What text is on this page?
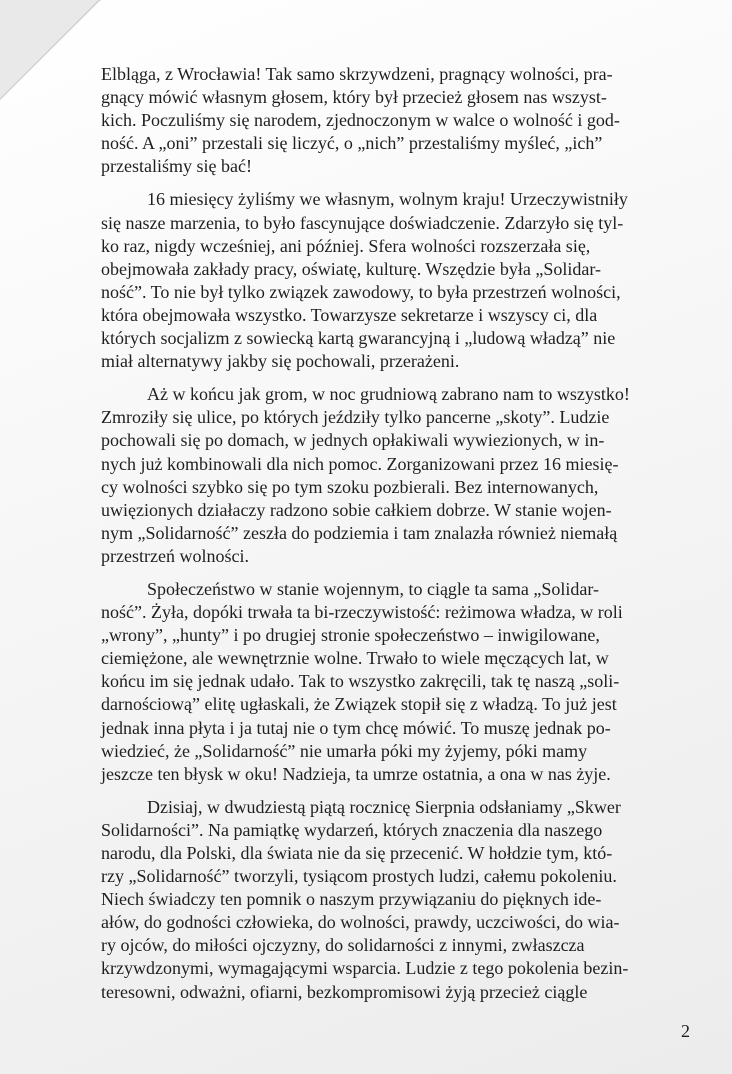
Elbląga, z Wrocławia! Tak samo skrzywdzeni, pragnący wolności, pra-
gnący mówić własnym głosem, który był przecież głosem nas wszyst-
kich. Poczuliśmy się narodem, zjednoczonym w walce o wolność i god-
ność. A „oni” przestali się liczyć, o „nich” przestaliśmy myśleć, „ich”
przestaliśmy się bać!
16 miesięcy żyliśmy we własnym, wolnym kraju! Urzeczywistniły
się nasze marzenia, to było fascynujące doświadczenie. Zdarzyło się tyl-
ko raz, nigdy wcześniej, ani później. Sfera wolności rozszerzała się,
obejmowała zakłady pracy, oświatę, kulturę. Wszędzie była „Solidar-
ność”. To nie był tylko związek zawodowy, to była przestrzeń wolności,
która obejmowała wszystko. Towarzysze sekretarze i wszyscy ci, dla
których socjalizm z sowiecką kartą gwarancyjną i „ludową władzą” nie
miał alternatywy jakby się pochowali, przerażeni.
Aż w końcu jak grom, w noc grudniową zabrano nam to wszystko!
Zmroziły się ulice, po których jeździły tylko pancerne „skoty”. Ludzie
pochowali się po domach, w jednych opłakiwali wywiezionych, w in-
nych już kombinowali dla nich pomoc. Zorganizowani przez 16 miesię-
cy wolności szybko się po tym szoku pozbierali. Bez internowanych,
uwięzionych działaczy radzono sobie całkiem dobrze. W stanie wojen-
nym „Solidarność” zeszła do podziemia i tam znalazła również niemałą
przestrzeń wolności.
Społeczeństwo w stanie wojennym, to ciągle ta sama „Solidar-
ność”. Żyła, dopóki trwała ta bi-rzeczywistość: reżimowa władza, w roli
„wrony”, „hunty” i po drugiej stronie społeczeństwo – inwigilowane,
ciemiężone, ale wewnętrznie wolne. Trwało to wiele męczących lat, w
końcu im się jednak udało. Tak to wszystko zakręcili, tak tę naszą „soli-
darnościową” elitę ugłaskali, że Związek stopił się z władzą. To już jest
jednak inna płyta i ja tutaj nie o tym chcę mówić. To muszę jednak po-
wiedzieć, że „Solidarność” nie umarła póki my żyjemy, póki mamy
jeszcze ten błysk w oku! Nadzieja, ta umrze ostatnia, a ona w nas żyje.
Dzisiaj, w dwudziestą piątą rocznicę Sierpnia odsłaniamy „Skwer
Solidarności”. Na pamiątkę wydarzeń, których znaczenia dla naszego
narodu, dla Polski, dla świata nie da się przecenić. W hołdzie tym, któ-
rzy „Solidarność” tworzyli, tysiącom prostych ludzi, całemu pokoleniu.
Niech świadczy ten pomnik o naszym przywiązaniu do pięknych ide-
ałów, do godności człowieka, do wolności, prawdy, uczciwości, do wia-
ry ojców, do miłości ojczyzny, do solidarności z innymi, zwłaszcza
krzywdzonymi, wymagającymi wsparcia. Ludzie z tego pokolenia bezin-
teresowni, odważni, ofiarni, bezkompromisowi żyją przecież ciągle
2
